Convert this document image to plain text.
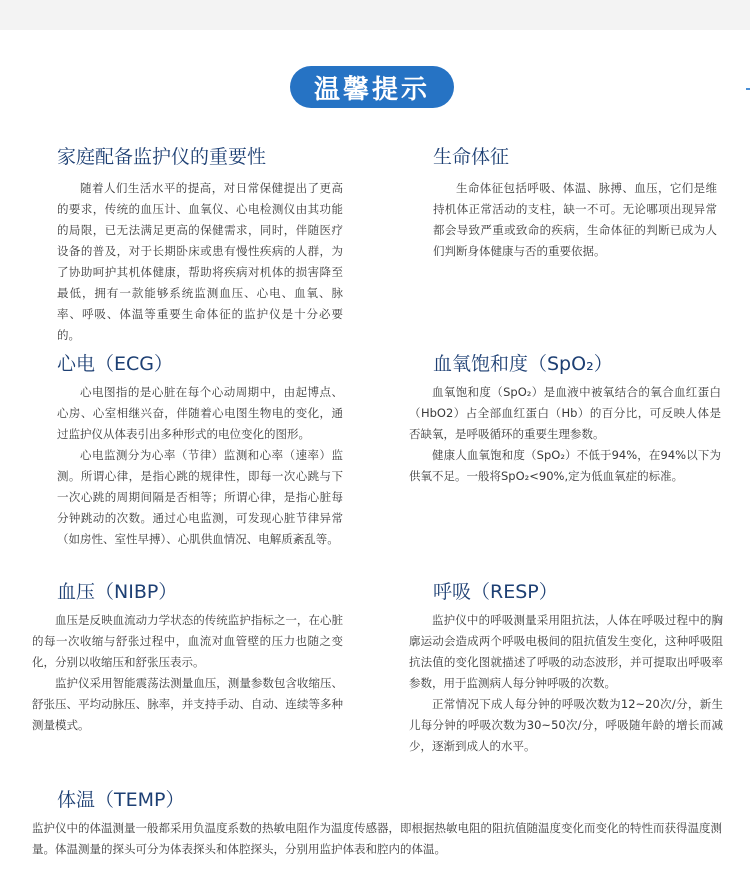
温馨提示
家庭配备监护仪的重要性

随着人们生活水平的提高，对日常保健提出了更高的要求，传统的血压计、血氧仪、心电检测仪由其功能的局限，已无法满足更高的保健需求，同时，伴随医疗设备的普及，对于长期卧床或患有慢性疾病的人群，为了协助呵护其机体健康，帮助将疾病对机体的损害降至最低，拥有一款能够系统监测血压、心电、血氧、脉率、呼吸、体温等重要生命体征的监护仪是十分必要的。

生命体征

生命体征包括呼吸、体温、脉搏、血压，它们是维持机体正常活动的支柱，缺一不可。无论哪项出现异常都会导致严重或致命的疾病，生命体征的判断已成为人们判断身体健康与否的重要依据。

心电（ECG）

心电图指的是心脏在每个心动周期中，由起博点、心房、心室相继兴奋，伴随着心电图生物电的变化，通过监护仪从体表引出多种形式的电位变化的图形。

心电监测分为心率（节律）监测和心率（速率）监测。所谓心律，是指心跳的规律性，即每一次心跳与下一次心跳的周期间隔是否相等；所谓心律，是指心脏每分钟跳动的次数。通过心电监测，可发现心脏节律异常（如房性、室性早搏）、心肌供血情况、电解质紊乱等。

血氧饱和度（SpO₂）

血氧饱和度（SpO₂）是血液中被氧结合的氧合血红蛋白（HbO2）占全部血红蛋白（Hb）的百分比，可反映人体是否缺氧，是呼吸循环的重要生理参数。

健康人血氧饱和度（SpO₂）不低于94%，在94%以下为供氧不足。一般将SpO₂<90%,定为低血氧症的标准。

血压（NIBP）

血压是反映血流动力学状态的传统监护指标之一，在心脏的每一次收缩与舒张过程中，血流对血管壁的压力也随之变化，分别以收缩压和舒张压表示。

监护仪采用智能震荡法测量血压，测量参数包含收缩压、舒张压、平均动脉压、脉率，并支持手动、自动、连续等多种测量模式。

呼吸（RESP）

监护仪中的呼吸测量采用阻抗法，人体在呼吸过程中的胸廓运动会造成两个呼吸电极间的阻抗值发生变化，这种呼吸阻抗法值的变化图就描述了呼吸的动态波形，并可提取出呼吸率参数，用于监测病人每分钟呼吸的次数。

正常情况下成人每分钟的呼吸次数为12~20次/分，新生儿每分钟的呼吸次数为30~50次/分，呼吸随年龄的增长而减少，逐渐到成人的水平。

体温（TEMP）

监护仪中的体温测量一般都采用负温度系数的热敏电阻作为温度传感器，即根据热敏电阻的阻抗值随温度变化而变化的特性而获得温度测量。体温测量的探头可分为体表探头和体腔探头，分别用监护体表和腔内的体温。
